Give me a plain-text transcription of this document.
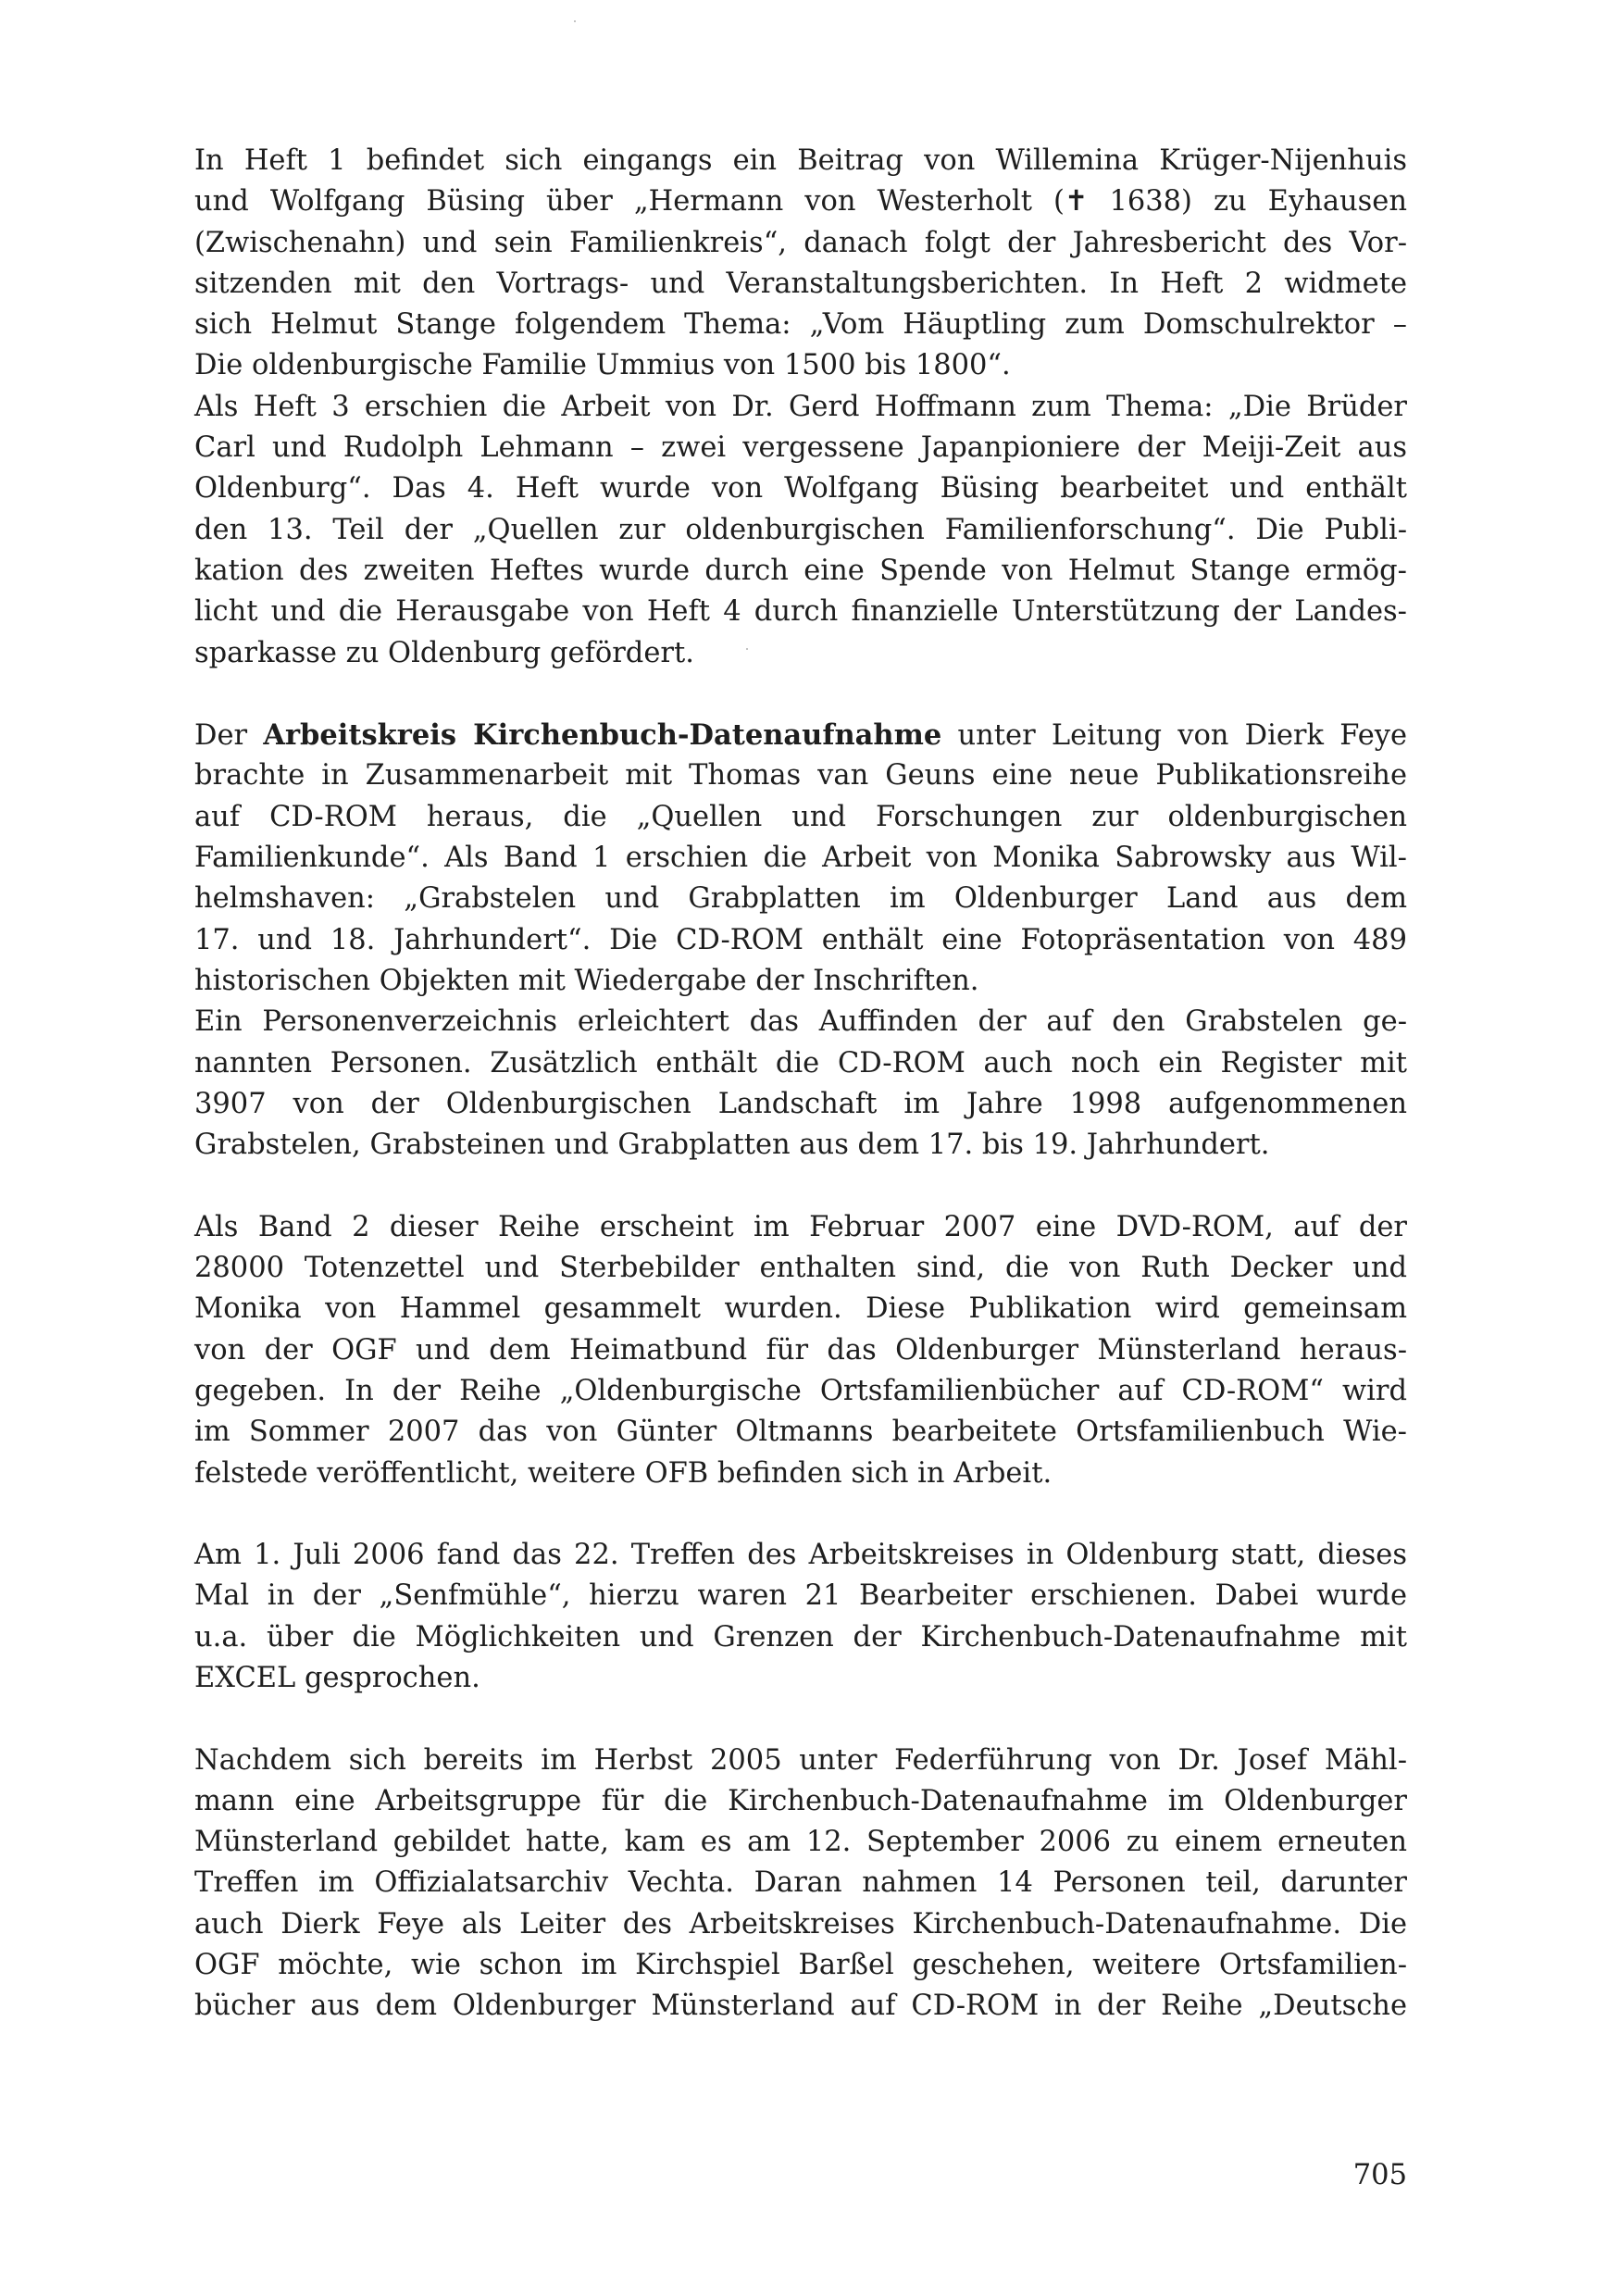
In Heft 1 befindet sich eingangs ein Beitrag von Willemina Krüger-Nijenhuis
und Wolfgang Büsing über „Hermann von Westerholt (✝ 1638) zu Eyhausen
(Zwischenahn) und sein Familienkreis“, danach folgt der Jahresbericht des Vor-
sitzenden mit den Vortrags- und Veranstaltungsberichten. In Heft 2 widmete
sich Helmut Stange folgendem Thema: „Vom Häuptling zum Domschulrektor –
Die oldenburgische Familie Ummius von 1500 bis 1800“.

Als Heft 3 erschien die Arbeit von Dr. Gerd Hoffmann zum Thema: „Die Brüder
Carl und Rudolph Lehmann – zwei vergessene Japanpioniere der Meiji-Zeit aus
Oldenburg“. Das 4. Heft wurde von Wolfgang Büsing bearbeitet und enthält
den 13. Teil der „Quellen zur oldenburgischen Familienforschung“. Die Publi-
kation des zweiten Heftes wurde durch eine Spende von Helmut Stange ermög-
licht und die Herausgabe von Heft 4 durch finanzielle Unterstützung der Landes-
sparkasse zu Oldenburg gefördert.

Der Arbeitskreis Kirchenbuch-Datenaufnahme unter Leitung von Dierk Feye
brachte in Zusammenarbeit mit Thomas van Geuns eine neue Publikationsreihe
auf CD-ROM heraus, die „Quellen und Forschungen zur oldenburgischen
Familienkunde“. Als Band 1 erschien die Arbeit von Monika Sabrowsky aus Wil-
helmshaven: „Grabstelen und Grabplatten im Oldenburger Land aus dem
17. und 18. Jahrhundert“. Die CD-ROM enthält eine Fotopräsentation von 489
historischen Objekten mit Wiedergabe der Inschriften.

Ein Personenverzeichnis erleichtert das Auffinden der auf den Grabstelen ge-
nannten Personen. Zusätzlich enthält die CD-ROM auch noch ein Register mit
3907 von der Oldenburgischen Landschaft im Jahre 1998 aufgenommenen
Grabstelen, Grabsteinen und Grabplatten aus dem 17. bis 19. Jahrhundert.

Als Band 2 dieser Reihe erscheint im Februar 2007 eine DVD-ROM, auf der
28000 Totenzettel und Sterbebilder enthalten sind, die von Ruth Decker und
Monika von Hammel gesammelt wurden. Diese Publikation wird gemeinsam
von der OGF und dem Heimatbund für das Oldenburger Münsterland heraus-
gegeben. In der Reihe „Oldenburgische Ortsfamilienbücher auf CD-ROM“ wird
im Sommer 2007 das von Günter Oltmanns bearbeitete Ortsfamilienbuch Wie-
felstede veröffentlicht, weitere OFB befinden sich in Arbeit.

Am 1. Juli 2006 fand das 22. Treffen des Arbeitskreises in Oldenburg statt, dieses
Mal in der „Senfmühle“, hierzu waren 21 Bearbeiter erschienen. Dabei wurde
u.a. über die Möglichkeiten und Grenzen der Kirchenbuch-Datenaufnahme mit
EXCEL gesprochen.

Nachdem sich bereits im Herbst 2005 unter Federführung von Dr. Josef Mähl-
mann eine Arbeitsgruppe für die Kirchenbuch-Datenaufnahme im Oldenburger
Münsterland gebildet hatte, kam es am 12. September 2006 zu einem erneuten
Treffen im Offizialatsarchiv Vechta. Daran nahmen 14 Personen teil, darunter
auch Dierk Feye als Leiter des Arbeitskreises Kirchenbuch-Datenaufnahme. Die
OGF möchte, wie schon im Kirchspiel Barßel geschehen, weitere Ortsfamilien-
bücher aus dem Oldenburger Münsterland auf CD-ROM in der Reihe „Deutsche

705
